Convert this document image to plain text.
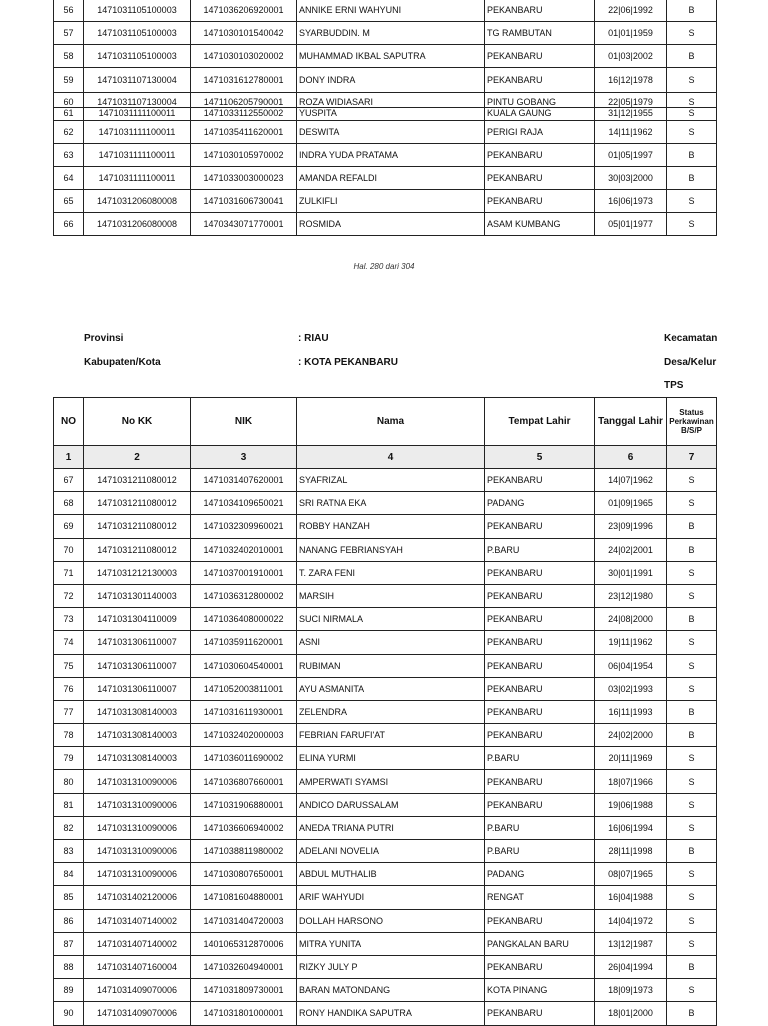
56	1471031105100003	1471036206920001	ANNIKE ERNI WAHYUNI	PEKANBARU	22|06|1992	B
57	1471031105100003	1471030101540042	SYARBUDDIN. M	TG RAMBUTAN	01|01|1959	S
58	1471031105100003	1471030103020002	MUHAMMAD IKBAL SAPUTRA	PEKANBARU	01|03|2002	B
59	1471031107130004	1471031612780001	DONY INDRA	PEKANBARU	16|12|1978	S
60	1471031107130004	1471106205790001	ROZA WIDIASARI	PINTU GOBANG	22|05|1979	S
61	1471031111100011	1471033112550002	YUSPITA	KUALA GAUNG	31|12|1955	S
62	1471031111100011	1471035411620001	DESWITA	PERIGI RAJA	14|11|1962	S
63	1471031111100011	1471030105970002	INDRA YUDA PRATAMA	PEKANBARU	01|05|1997	B
64	1471031111100011	1471033003000023	AMANDA REFALDI	PEKANBARU	30|03|2000	B
65	1471031206080008	1471031606730041	ZULKIFLI	PEKANBARU	16|06|1973	S
66	1471031206080008	1470343071770001	ROSMIDA	ASAM KUMBANG	05|01|1977	S
Hal. 280 dari 304
Provinsi	: RIAU	Kecamatan
Kabupaten/Kota	: KOTA PEKANBARU	Desa/Kelur
TPS
NO	No KK	NIK	Nama	Tempat Lahir	Tanggal Lahir	Status Perkawinan B/S/P
1	2	3	4	5	6	7
67	1471031211080012	1471031407620001	SYAFRIZAL	PEKANBARU	14|07|1962	S
68	1471031211080012	1471034109650021	SRI RATNA EKA	PADANG	01|09|1965	S
69	1471031211080012	1471032309960021	ROBBY HANZAH	PEKANBARU	23|09|1996	B
70	1471031211080012	1471032402010001	NANANG FEBRIANSYAH	P.BARU	24|02|2001	B
71	1471031212130003	1471037001910001	T. ZARA FENI	PEKANBARU	30|01|1991	S
72	1471031301140003	1471036312800002	MARSIH	PEKANBARU	23|12|1980	S
73	1471031304110009	1471036408000022	SUCI NIRMALA	PEKANBARU	24|08|2000	B
74	1471031306110007	1471035911620001	ASNI	PEKANBARU	19|11|1962	S
75	1471031306110007	1471030604540001	RUBIMAN	PEKANBARU	06|04|1954	S
76	1471031306110007	1471052003811001	AYU ASMANITA	PEKANBARU	03|02|1993	S
77	1471031308140003	1471031611930001	ZELENDRA	PEKANBARU	16|11|1993	B
78	1471031308140003	1471032402000003	FEBRIAN FARUFI'AT	PEKANBARU	24|02|2000	B
79	1471031308140003	1471036011690002	ELINA YURMI	P.BARU	20|11|1969	S
80	1471031310090006	1471036807660001	AMPERWATI SYAMSI	PEKANBARU	18|07|1966	S
81	1471031310090006	1471031906880001	ANDICO DARUSSALAM	PEKANBARU	19|06|1988	S
82	1471031310090006	1471036606940002	ANEDA TRIANA PUTRI	P.BARU	16|06|1994	S
83	1471031310090006	1471038811980002	ADELANI NOVELIA	P.BARU	28|11|1998	B
84	1471031310090006	1471030807650001	ABDUL MUTHALIB	PADANG	08|07|1965	S
85	1471031402120006	1471081604880001	ARIF WAHYUDI	RENGAT	16|04|1988	S
86	1471031407140002	1471031404720003	DOLLAH HARSONO	PEKANBARU	14|04|1972	S
87	1471031407140002	1401065312870006	MITRA YUNITA	PANGKALAN BARU	13|12|1987	S
88	1471031407160004	1471032604940001	RIZKY JULY P	PEKANBARU	26|04|1994	B
89	1471031409070006	1471031809730001	BARAN MATONDANG	KOTA PINANG	18|09|1973	S
90	1471031409070006	1471031801000001	RONY HANDIKA SAPUTRA	PEKANBARU	18|01|2000	B
